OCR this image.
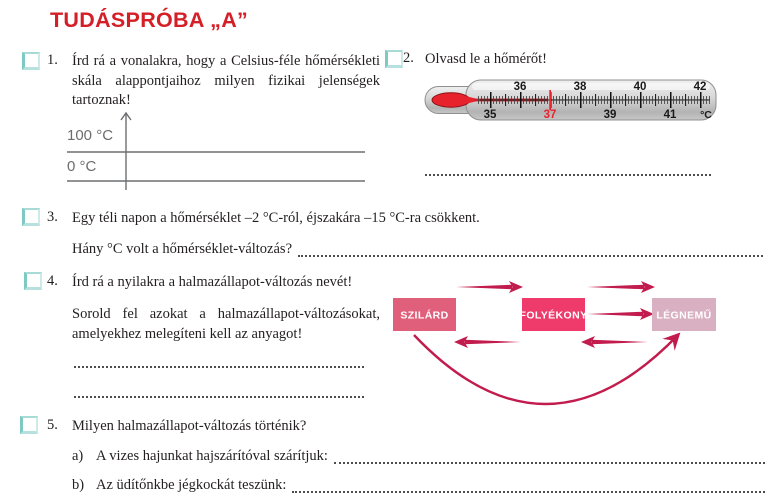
TUDÁSPRÓBA „A”
1. Írd rá a vonalakra, hogy a Celsius-féle hőmérsékleti skála alappontjaihoz milyen fizikai jelenségek tartoznak!
100 °C
0 °C
2. Olvasd le a hőmérőt!
36	38	40	42
35	37	39	41 °C
3. Egy téli napon a hőmérséklet –2 °C-ról, éjszakára –15 °C-ra csökkent.
Hány °C volt a hőmérséklet-változás?
4. Írd rá a nyilakra a halmazállapot-változás nevét!
Sorold fel azokat a halmazállapot-változásokat, amelyekhez melegíteni kell az anyagot!
SZILÁRD	FOLYÉKONY	LÉGNEMŰ
5. Milyen halmazállapot-változás történik?
a) A vizes hajunkat hajszárítóval szárítjuk:
b) Az üdítőnkbe jégkockát teszünk:
